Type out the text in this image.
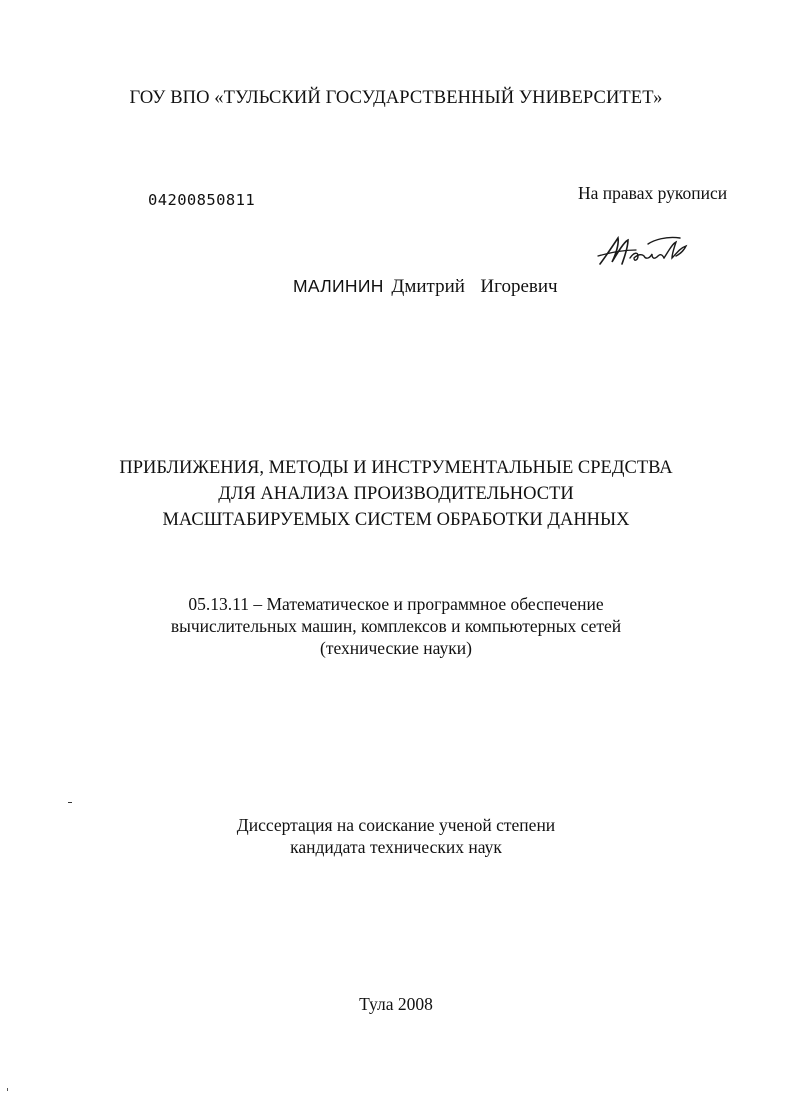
ГОУ ВПО «ТУЛЬСКИЙ ГОСУДАРСТВЕННЫЙ УНИВЕРСИТЕТ»
04200850811	На правах рукописи
МАЛИНИН Дмитрий  Игоревич
ПРИБЛИЖЕНИЯ, МЕТОДЫ И ИНСТРУМЕНТАЛЬНЫЕ СРЕДСТВА
ДЛЯ АНАЛИЗА ПРОИЗВОДИТЕЛЬНОСТИ
МАСШТАБИРУЕМЫХ СИСТЕМ ОБРАБОТКИ ДАННЫХ
05.13.11 – Математическое и программное обеспечение
вычислительных машин, комплексов и компьютерных сетей
(технические науки)
Диссертация на соискание ученой степени
кандидата технических наук
Тула 2008
